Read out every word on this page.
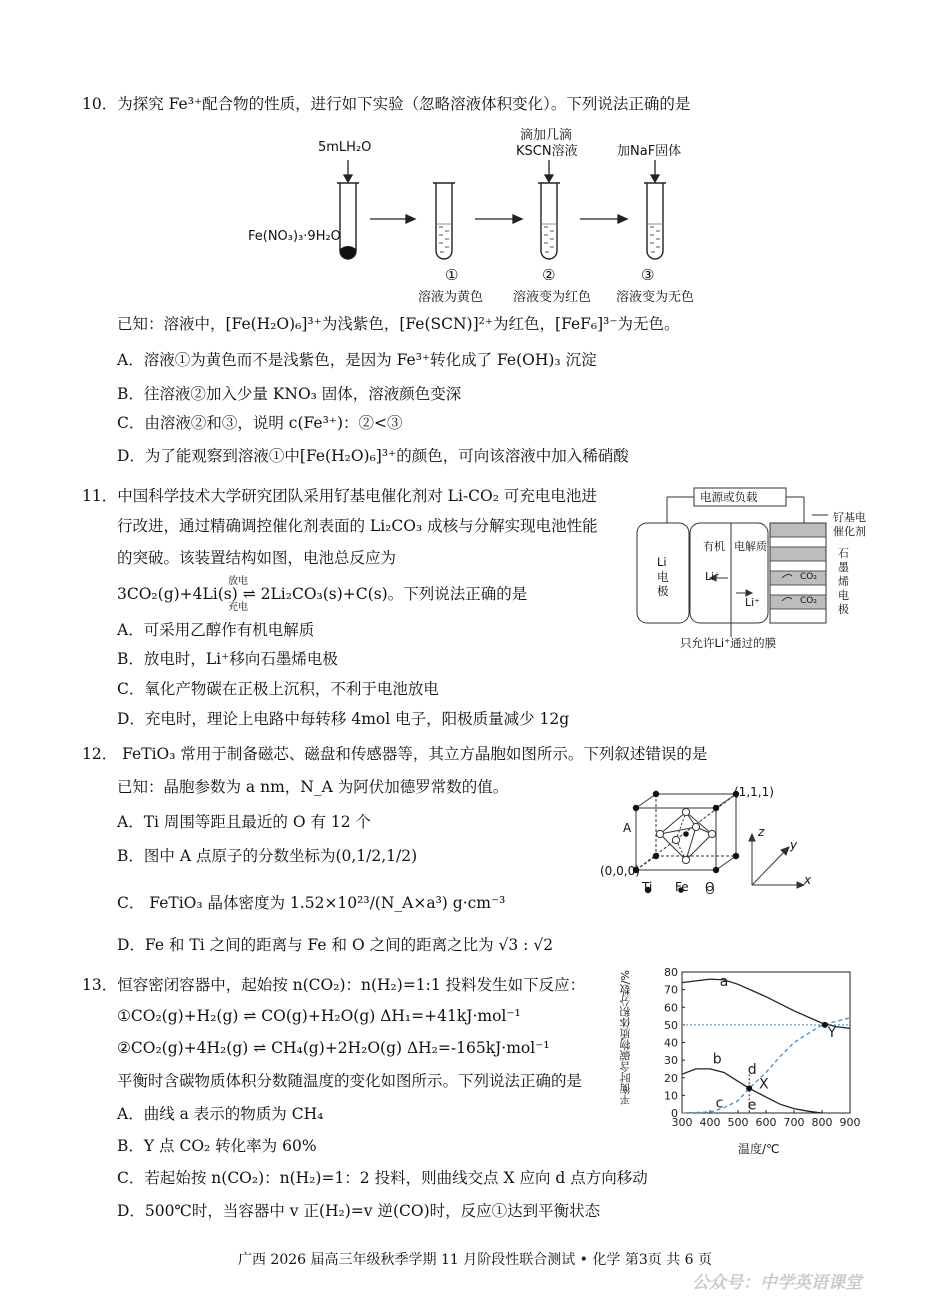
10．为探究 Fe³⁺配合物的性质，进行如下实验（忽略溶液体积变化）。下列说法正确的是
5mLH₂O
滴加几滴
KSCN溶液	加NaF固体
Fe(NO₃)₃·9H₂O
①	②	③
溶液为黄色 溶液变为红色 溶液变为无色
已知：溶液中，[Fe(H₂O)₆]³⁺为浅紫色，[Fe(SCN)]²⁺为红色，[FeF₆]³⁻为无色。
A．溶液①为黄色而不是浅紫色，是因为 Fe³⁺转化成了 Fe(OH)₃ 沉淀
B．往溶液②加入少量 KNO₃ 固体，溶液颜色变深
C．由溶液②和③，说明 c(Fe³⁺)：②<③
D．为了能观察到溶液①中[Fe(H₂O)₆]³⁺的颜色，可向该溶液中加入稀硝酸
11．中国科学技术大学研究团队采用钌基电催化剂对 Li-CO₂ 可充电电池进
行改进，通过精确调控催化剂表面的 Li₂CO₃ 成核与分解实现电池性能
的突破。该装置结构如图，电池总反应为
3CO₂(g)+4Li(s) ⇌ 2Li₂CO₃(s)+C(s)。下列说法正确的是
放电
充电
A．可采用乙醇作有机电解质
B．放电时，Li⁺移向石墨烯电极
C．氧化产物碳在正极上沉积，不利于电池放电
D．充电时，理论上电路中每转移 4mol 电子，阳极质量减少 12g
电源或负载
Li
电
极
有机 电解质
Li⁺
Li⁺
CO₂
CO₂
钌基电
催化剂
石
墨
烯
电
极
只允许Li⁺通过的膜
12． FeTiO₃ 常用于制备磁芯、磁盘和传感器等，其立方晶胞如图所示。下列叙述错误的是
已知：晶胞参数为 a nm，N_A 为阿伏加德罗常数的值。
A．Ti 周围等距且最近的 O 有 12 个
B．图中 A 点原子的分数坐标为(0,1/2,1/2)
C． FeTiO₃ 晶体密度为 1.52×10²³/(N_A×a³) g·cm⁻³
D．Fe 和 Ti 之间的距离与 Fe 和 O 之间的距离之比为 √3 : √2
(1,1,1)
(0,0,0)
A
Ti Fe O
z
y
x
13．恒容密闭容器中，起始按 n(CO₂)：n(H₂)=1:1 投料发生如下反应：
①CO₂(g)+H₂(g) ⇌ CO(g)+H₂O(g) ΔH₁=+41kJ·mol⁻¹
②CO₂(g)+4H₂(g) ⇌ CH₄(g)+2H₂O(g) ΔH₂=-165kJ·mol⁻¹
平衡时含碳物质体积分数随温度的变化如图所示。下列说法正确的是
A．曲线 a 表示的物质为 CH₄
B．Y 点 CO₂ 转化率为 60%
C．若起始按 n(CO₂)：n(H₂)=1：2 投料，则曲线交点 X 应向 d 点方向移动
D．500℃时，当容器中 v 正(H₂)=v 逆(CO)时，反应①达到平衡状态
300 400 500 600 700 800 900
0
10
20
30
40
50
60
70
80
a
b
c
d
e
X
Y
平衡时含碳物质体积分数/%
温度/℃
广西 2026 届高三年级秋季学期 11 月阶段性联合测试 • 化学 第3页 共 6 页
公众号：中学英语课堂
